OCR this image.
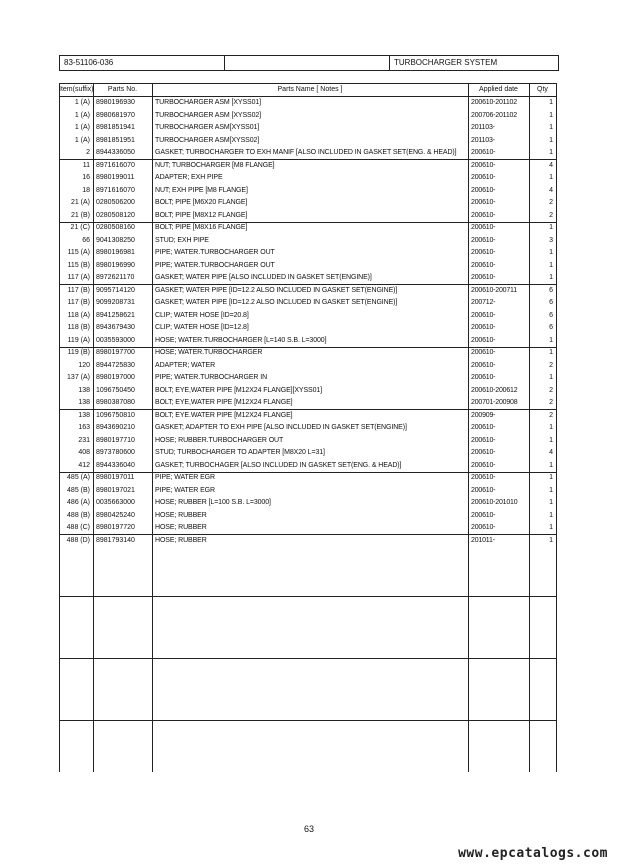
83-51106-036	TURBOCHARGER SYSTEM
Item(suffix)	Parts No.	Parts Name [ Notes ]	Applied date	Qty
1 (A) 8980196930	TURBOCHARGER ASM [XYSS01]	200610-201102	1
1 (A) 8980681970	TURBOCHARGER ASM [XYSS02]	200706-201102	1
1 (A) 8981851941	TURBOCHARGER ASM[XYSS01]	201103-	1
1 (A) 8981851951	TURBOCHARGER ASM[XYSS02]	201103-	1
2 8944336050	GASKET; TURBOCHARGER TO EXH MANIF [ALSO INCLUDED IN GASKET SET(ENG. & HEAD)]	200610-	1
11 8971616070	NUT; TURBOCHARGER [M8 FLANGE]	200610-	4
16 8980199011	ADAPTER; EXH PIPE	200610-	1
18 8971616070	NUT; EXH PIPE [M8 FLANGE]	200610-	4
21 (A) 0280506200	BOLT; PIPE [M6X20 FLANGE]	200610-	2
21 (B) 0280508120	BOLT; PIPE [M8X12 FLANGE]	200610-	2
21 (C) 0280508160	BOLT; PIPE [M8X16 FLANGE]	200610-	1
66 9041308250	STUD; EXH PIPE	200610-	3
115 (A) 8980196981	PIPE; WATER.TURBOCHARGER OUT	200610-	1
115 (B) 8980196990	PIPE; WATER.TURBOCHARGER OUT	200610-	1
117 (A) 8972621170	GASKET; WATER PIPE [ALSO INCLUDED IN GASKET SET(ENGINE)]	200610-	1
117 (B) 9095714120	GASKET; WATER PIPE [ID=12.2 ALSO INCLUDED IN GASKET SET(ENGINE)]	200610-200711	6
117 (B) 9099208731	GASKET; WATER PIPE [ID=12.2 ALSO INCLUDED IN GASKET SET(ENGINE)]	200712-	6
118 (A) 8941258621	CLIP; WATER HOSE [ID=20.8]	200610-	6
118 (B) 8943679430	CLIP; WATER HOSE [ID=12.8]	200610-	6
119 (A) 0035593000	HOSE; WATER.TURBOCHARGER [L=140 S.B. L=3000]	200610-	1
119 (B) 8980197700	HOSE; WATER.TURBOCHARGER	200610-	1
120 8944725830	ADAPTER; WATER	200610-	2
137 (A) 8980197000	PIPE; WATER.TURBOCHARGER IN	200610-	1
138 1096750450	BOLT; EYE,WATER PIPE [M12X24 FLANGE][XYSS01]	200610-200612	2
138 8980387080	BOLT; EYE,WATER PIPE [M12X24 FLANGE]	200701-200908	2
138 1096750810	BOLT; EYE.WATER PIPE [M12X24 FLANGE]	200909-	2
163 8943690210	GASKET; ADAPTER TO EXH PIPE [ALSO INCLUDED IN GASKET SET(ENGINE)]	200610-	1
231 8980197710	HOSE; RUBBER.TURBOCHARGER OUT	200610-	1
408 8973780600	STUD; TURBOCHARGER TO ADAPTER [M8X20 L=31]	200610-	4
412 8944336040	GASKET; TURBOCHAGER [ALSO INCLUDED IN GASKET SET(ENG. & HEAD)]	200610-	1
485 (A) 8980197011	PIPE; WATER EGR	200610-	1
485 (B) 8980197021	PIPE; WATER EGR	200610-	1
486 (A) 0035663000	HOSE; RUBBER [L=100 S.B. L=3000]	200610-201010	1
488 (B) 8980425240	HOSE; RUBBER	200610-	1
488 (C) 8980197720	HOSE; RUBBER	200610-	1
488 (D) 8981793140	HOSE; RUBBER	201011-	1
63
www.epcatalogs.com
